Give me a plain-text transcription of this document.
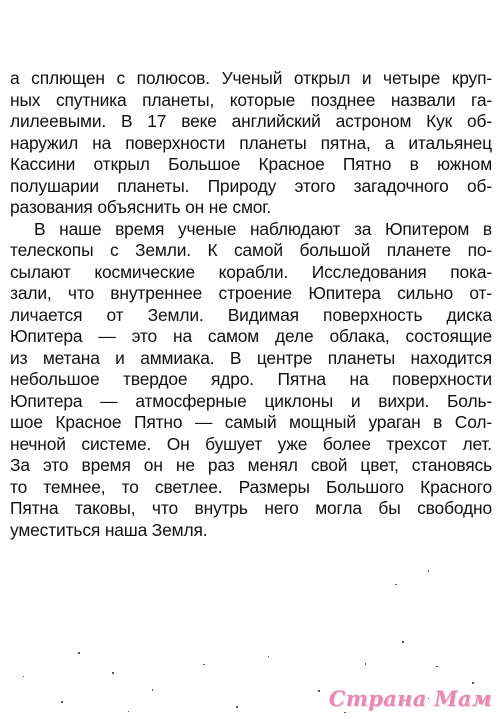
а сплющен с полюсов. Ученый открыл и четыре круп-
ных спутника планеты, которые позднее назвали га-
лилеевыми. В 17 веке английский астроном Кук об-
наружил на поверхности планеты пятна, а итальянец
Кассини открыл Большое Красное Пятно в южном
полушарии планеты. Природу этого загадочного об-
разования объяснить он не смог.
В наше время ученые наблюдают за Юпитером в
телескопы с Земли. К самой большой планете по-
сылают космические корабли. Исследования пока-
зали, что внутреннее строение Юпитера сильно от-
личается от Земли. Видимая поверхность диска
Юпитера — это на самом деле облака, состоящие
из метана и аммиака. В центре планеты находится
небольшое твердое ядро. Пятна на поверхности
Юпитера — атмосферные циклоны и вихри. Боль-
шое Красное Пятно — самый мощный ураган в Сол-
нечной системе. Он бушует уже более трехсот лет.
За это время он не раз менял свой цвет, становясь
то темнее, то светлее. Размеры Большого Красного
Пятна таковы, что внутрь него могла бы свободно
уместиться наша Земля.
Страна Мам
